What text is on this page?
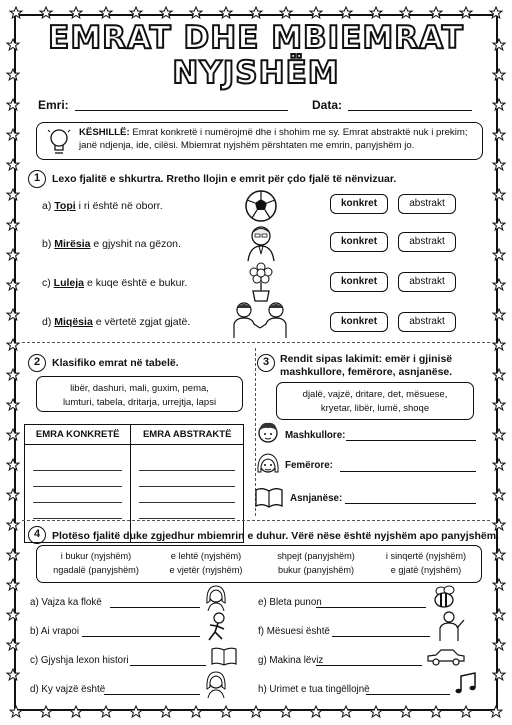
EMRAT DHE MBIEMRAT
NYJSHËM
Emri:	Data:
KËSHILLË: Emrat konkretë i numërojmë dhe i shohim me sy. Emrat abstraktë nuk i prekim; janë ndjenja, ide, cilësi. Mbiemrat nyjshëm përshtaten me emrin, panyjshëm jo.
1	Lexo fjalitë e shkurtra. Rretho llojin e emrit për çdo fjalë të nënvizuar.
a) Topi i ri është në oborr.	konkret	abstrakt
b) Mirësia e gjyshit na gëzon.	konkret	abstrakt
c) Luleja e kuqe është e bukur.	konkret	abstrakt
d) Miqësia e vërtetë zgjat gjatë.	konkret	abstrakt
2	Klasifiko emrat në tabelë.
libër, dashuri, mali, guxim, pema,
lumturi, tabela, dritarja, urrejtja, lapsi
EMRA KONKRETË	EMRA ABSTRAKTË

3	Rendit sipas lakimit: emër i gjinisë
mashkullore, femërore, asnjanëse.
djalë, vajzë, dritare, det, mësuese,
kryetar, libër, lumë, shoqe
Mashkullore:
Femërore:
Asnjanëse:
4	Plotëso fjalitë duke zgjedhur mbiemrin e duhur. Vërë nëse është nyjshëm apo panyjshëm.
i bukur (nyjshëm)	e lehtë (nyjshëm)	shpejt (panyjshëm)	i sinqertë (nyjshëm)
ngadalë (panyjshëm)	e vjetër (nyjshëm)	bukur (panyjshëm)	e gjatë (nyjshëm)
a) Vajza ka flokë
b) Ai vrapoi
c) Gjyshja lexon histori
d) Ky vajzë është
e) Bleta punon
f) Mësuesi është
g) Makina lëviz
h) Urimet e tua tingëllojnë
